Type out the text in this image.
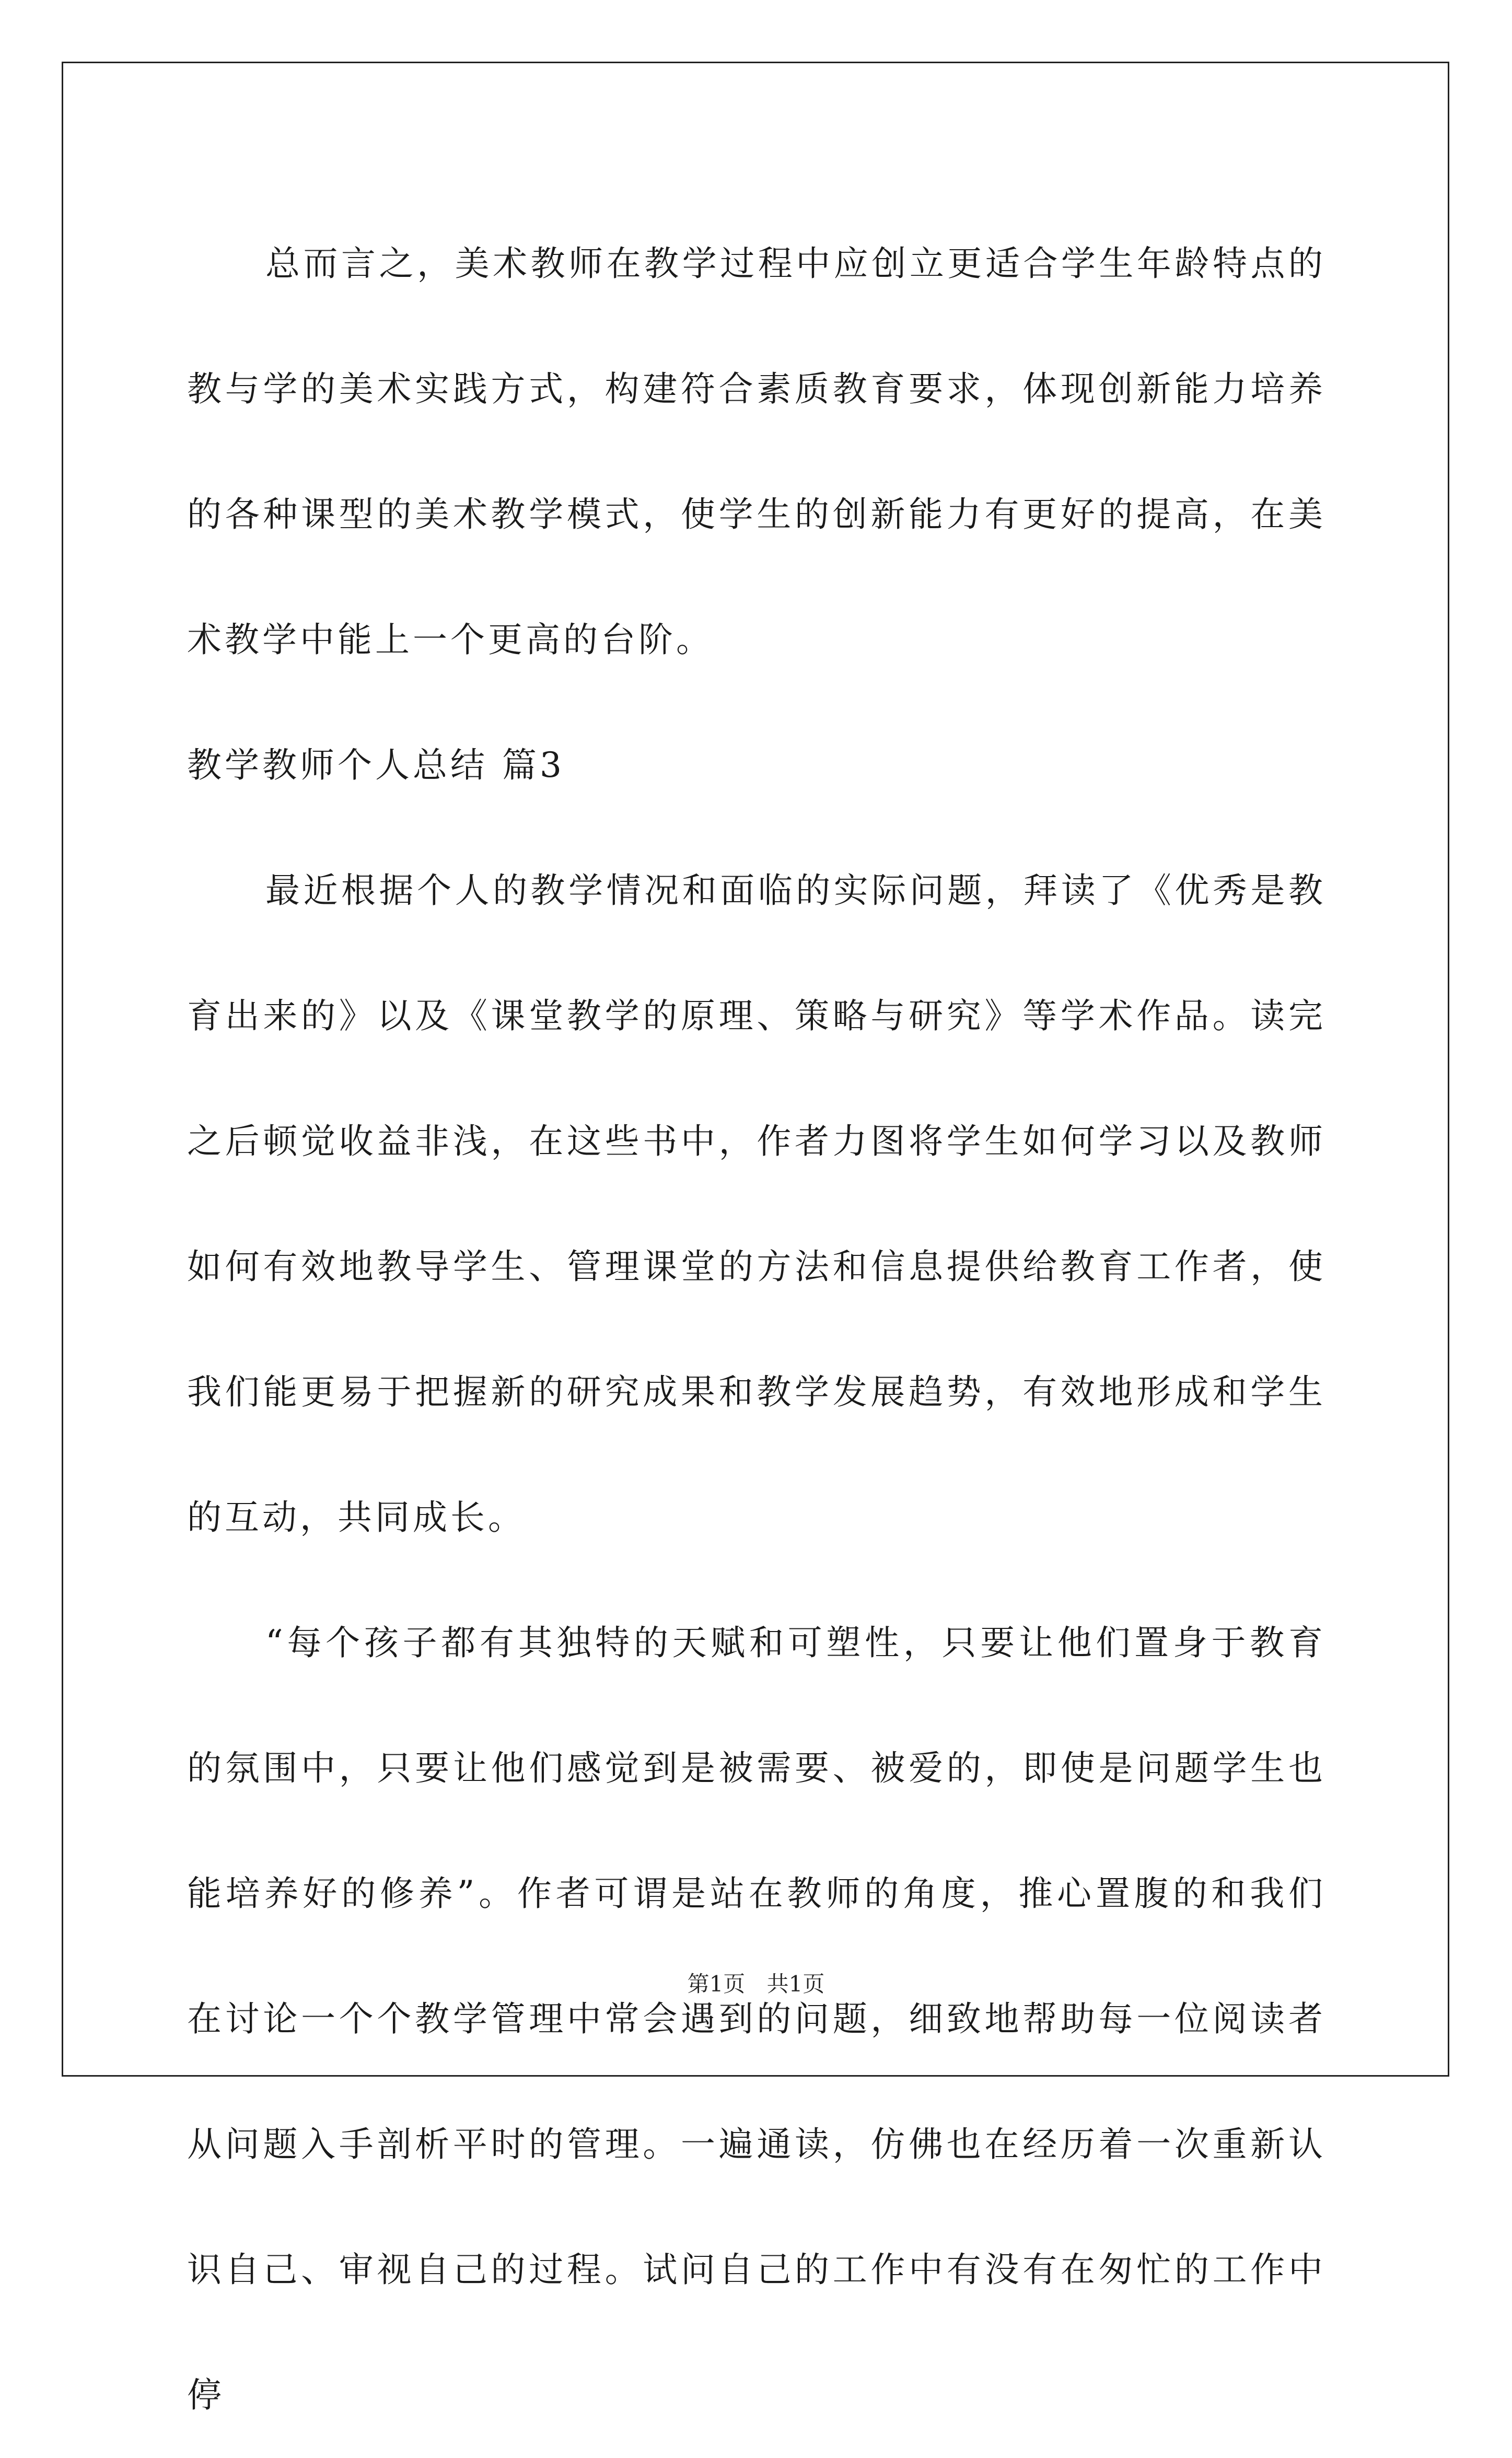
总而言之，美术教师在教学过程中应创立更适合学生年龄特点的教与学的美术实践方式，构建符合素质教育要求，体现创新能力培养的各种课型的美术教学模式，使学生的创新能力有更好的提高，在美术教学中能上一个更高的台阶。

教学教师个人总结 篇3

最近根据个人的教学情况和面临的实际问题，拜读了《优秀是教育出来的》以及《课堂教学的原理、策略与研究》等学术作品。读完之后顿觉收益非浅，在这些书中，作者力图将学生如何学习以及教师如何有效地教导学生、管理课堂的方法和信息提供给教育工作者，使我们能更易于把握新的研究成果和教学发展趋势，有效地形成和学生的互动，共同成长。

“每个孩子都有其独特的天赋和可塑性，只要让他们置身于教育的氛围中，只要让他们感觉到是被需要、被爱的，即使是问题学生也能培养好的修养”。作者可谓是站在教师的角度，推心置腹的和我们在讨论一个个教学管理中常会遇到的问题，细致地帮助每一位阅读者从问题入手剖析平时的管理。一遍通读，仿佛也在经历着一次重新认识自己、审视自己的过程。试问自己的工作中有没有在匆忙的工作中停

第1页 共1页
